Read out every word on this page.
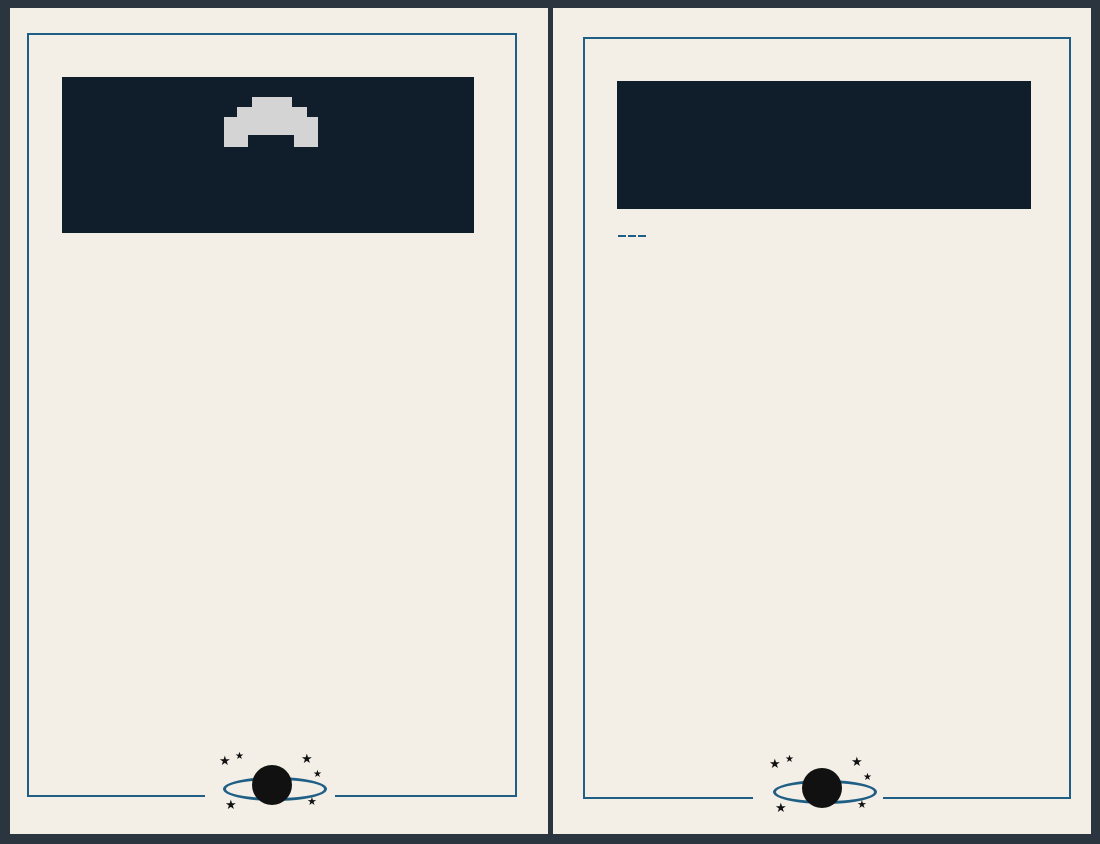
★ ★	★
★
★	★

★ ★	★
★
★	★
